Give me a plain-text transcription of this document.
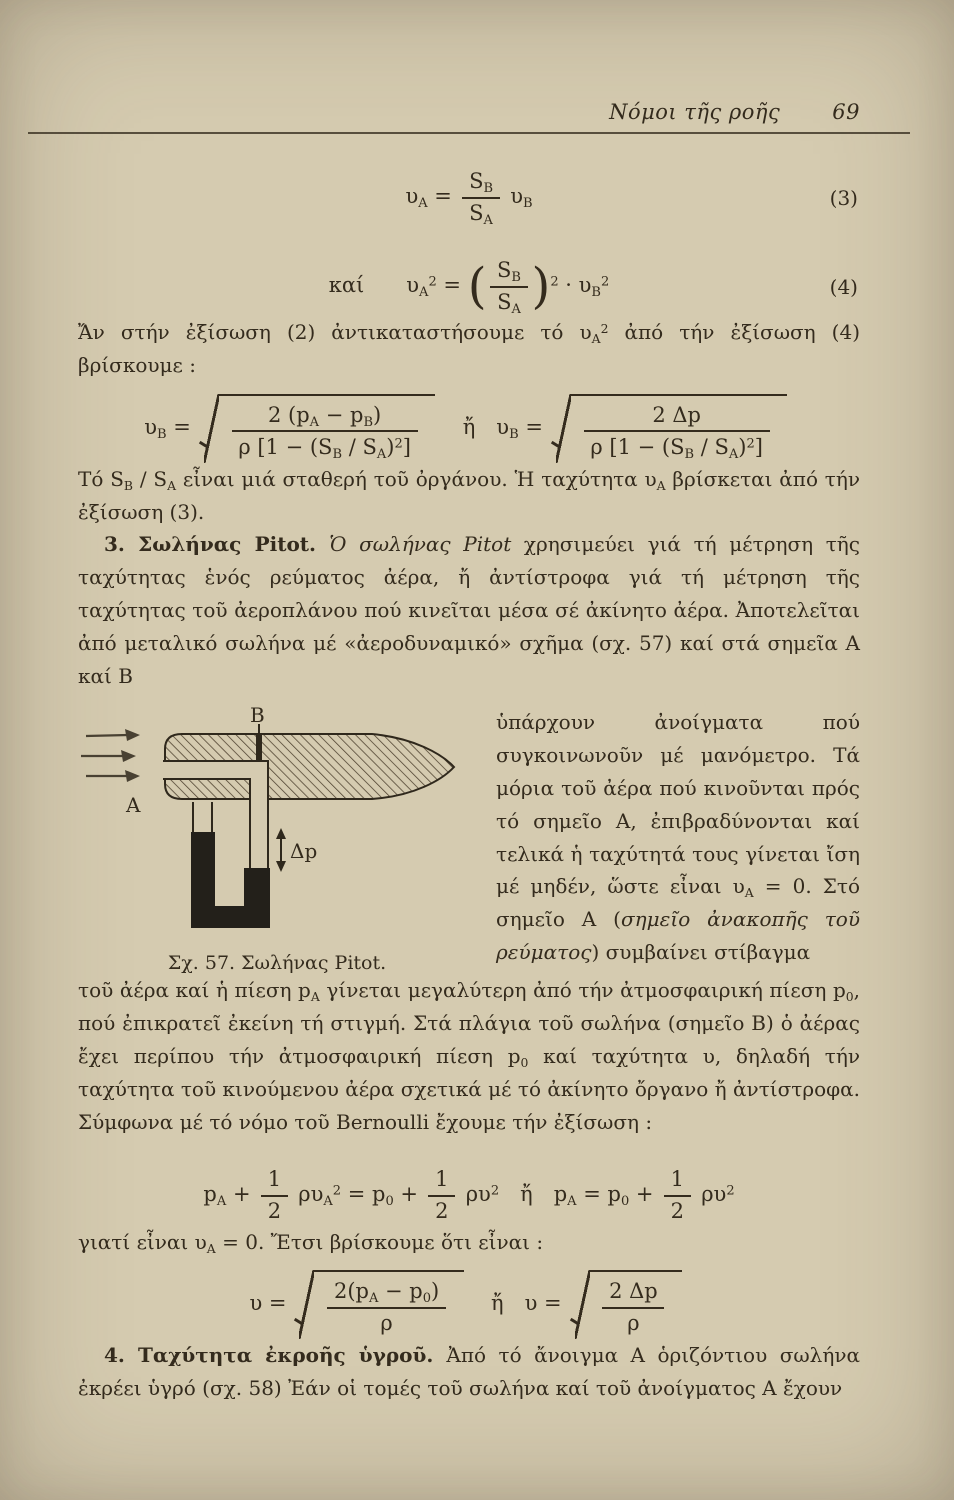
Νόμοι τῆς ροῆς 69
$\upsilon_A = \frac{S_B}{S_A} \upsilon_B$	(3)
καί  $\upsilon_A^2$ = ( $\frac{S_B}{S_A} )^2 \cdot \upsilon_B^2$	(4)

Ἄν στήν ἐξίσωση (2) ἀντικαταστήσουμε τό $\upsilon_A^2$ ἀπό τήν ἐξίσωση (4) βρίσκουμε :

$\upsilon_B = \frac{2 (p_A - p_B)}{\rho [1 - (S_B / S_A)^2]}$  ἤ $\upsilon_B = \frac{2 \Delta p}{\rho [1 - (S_B / S_A)^2]}$

Τό $S_B / S_A$ εἶναι μιά σταθερή τοῦ ὀργάνου. Ἡ ταχύτητα $\upsilon_A$ βρίσκεται ἀπό τήν ἐξίσωση (3).

3. Σωλήνας Pitot. Ὁ σωλήνας Pitot χρησιμεύει γιά τή μέτρηση τῆς ταχύτητας ἑνός ρεύματος ἀέρα, ἤ ἀντίστροφα γιά τή μέτρηση τῆς ταχύτητας τοῦ ἀεροπλάνου πού κινεῖται μέσα σέ ἀκίνητο ἀέρα. Ἀποτελεῖται ἀπό μεταλικό σωλήνα μέ «ἀεροδυναμικό» σχῆμα (σχ. 57) καί στά σημεῖα Α καί Β

A
B
Δp
Σχ. 57. Σωλήνας Pitot.

ὑπάρχουν ἀνοίγματα πού συγκοινωνοῦν μέ μανόμετρο. Τά μόρια τοῦ ἀέρα πού κινοῦνται πρός τό σημεῖο Α, ἐπιβραδύνονται καί τελικά ἡ ταχύτητά τους γίνεται ἴση μέ μηδέν, ὥστε εἶναι $\upsilon_A = 0$. Στό σημεῖο Α (σημεῖο ἀνακοπῆς τοῦ ρεύματος) συμβαίνει στίβαγμα

τοῦ ἀέρα καί ἡ πίεση $p_A$ γίνεται μεγαλύτερη ἀπό τήν ἀτμοσφαιρική πίεση $p_0$, πού ἐπικρατεῖ ἐκείνη τή στιγμή. Στά πλάγια τοῦ σωλήνα (σημεῖο Β) ὁ ἀέρας ἔχει περίπου τήν ἀτμοσφαιρική πίεση $p_0$ καί ταχύτητα υ, δηλαδή τήν ταχύτητα τοῦ κινούμενου ἀέρα σχετικά μέ τό ἀκίνητο ὄργανο ἤ ἀντίστροφα. Σύμφωνα μέ τό νόμο τοῦ Bernoulli ἔχουμε τήν ἐξίσωση :

$p_A + \frac{1}{2} \rho\upsilon_A^2 = p_0 + \frac{1}{2} \rho\upsilon^2$ ἤ $p_A = p_0 + \frac{1}{2} \rho\upsilon^2$

γιατί εἶναι $\upsilon_A = 0$. Ἔτσι βρίσκουμε ὅτι εἶναι :

$\upsilon = \frac{2(p_A - p_0)}{\rho}$  ἤ $\upsilon = \frac{2 \Delta p}{\rho}$

4. Ταχύτητα ἐκροῆς ὑγροῦ. Ἀπό τό ἄνοιγμα Α ὁριζόντιου σωλήνα ἐκρέει ὑγρό (σχ. 58) Ἐάν οἱ τομές τοῦ σωλήνα καί τοῦ ἀνοίγματος Α ἔχουν
